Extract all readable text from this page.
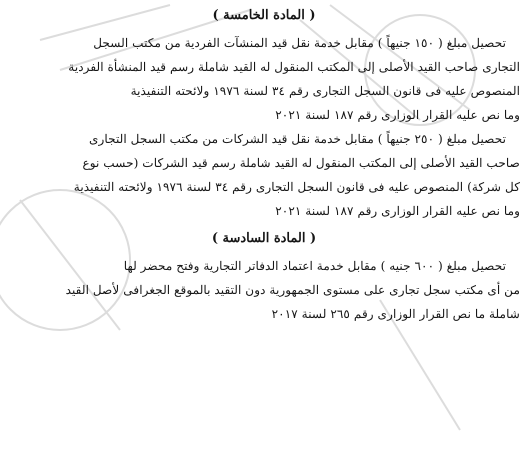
( المادة الخامسة )
تحصيل مبلغ ( ١٥٠ جنيهاً ) مقابل خدمة نقل قيد المنشآت الفردية من مكتب السجل
التجارى صاحب القيد الأصلى إلى المكتب المنقول له القيد شاملة رسم قيد المنشأة الفردية
المنصوص عليه فى قانون السجل التجارى رقم ٣٤ لسنة ١٩٧٦ ولائحته التنفيذية
وما نص عليه القرار الوزارى رقم ١٨٧ لسنة ٢٠٢١
تحصيل مبلغ ( ٢٥٠ جنيهاً ) مقابل خدمة نقل قيد الشركات من مكتب السجل التجارى
صاحب القيد الأصلى إلى المكتب المنقول له القيد شاملة رسم قيد الشركات (حسب نوع
كل شركة) المنصوص عليه فى قانون السجل التجارى رقم ٣٤ لسنة ١٩٧٦ ولائحته التنفيذية
وما نص عليه القرار الوزارى رقم ١٨٧ لسنة ٢٠٢١
( المادة السادسة )
تحصيل مبلغ ( ٦٠٠ جنيه ) مقابل خدمة اعتماد الدفاتر التجارية وفتح محضر لها
من أى مكتب سجل تجارى على مستوى الجمهورية دون التقيد بالموقع الجغرافى لأصل القيد
شاملة ما نص القرار الوزارى رقم ٢٦٥ لسنة ٢٠١٧
